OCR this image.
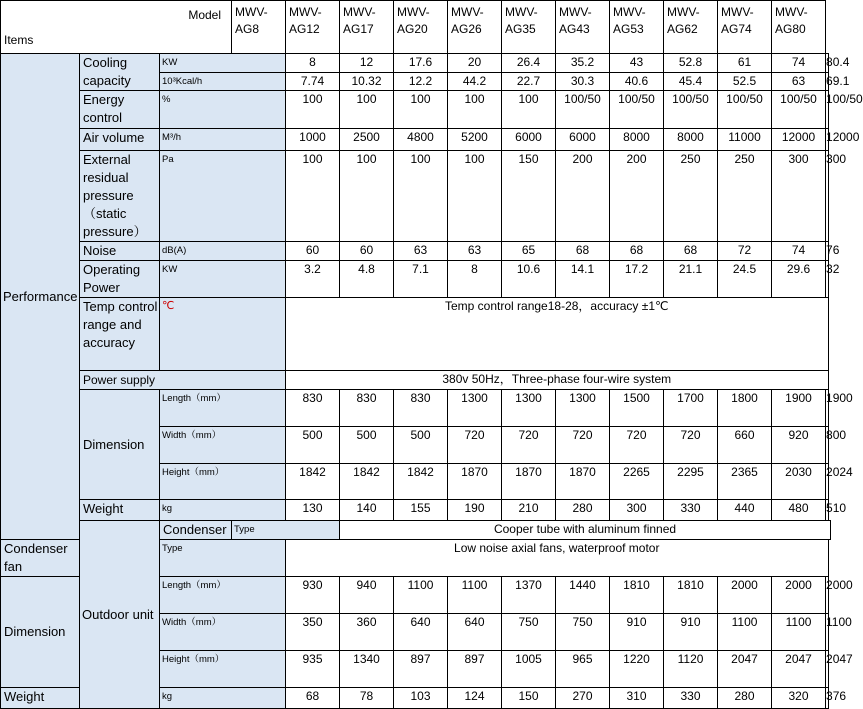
Model
Items			MWV-AG8	MWV-AG12	MWV-AG17	MWV-AG20	MWV-AG26	MWV-AG35	MWV-AG43	MWV-AG53	MWV-AG62	MWV-AG74	MWV-AG80	
Performance	Cooling capacity	KW		8	12	17.6	20	26.4	35.2	43	52.8	61	74	80.4
		10³Kcal/h		7.74	10.32	12.2	44.2	22.7	30.3	40.6	45.4	52.5	63	69.1
	Energy control	%		100	100	100	100	100	100/50	100/50	100/50	100/50	100/50	100/50
	Air volume	M³/h		1000	2500	4800	5200	6000	6000	8000	8000	11000	12000	12000
	External residual pressure（static pressure）	Pa		100	100	100	100	150	200	200	250	250	300	300
	Noise	dB(A)		60	60	63	63	65	68	68	68	72	74	76
	Operating Power	KW		3.2	4.8	7.1	8	10.6	14.1	17.2	21.1	24.5	29.6	32
	Temp control range and accuracy	℃		Temp control range18-28，accuracy ±1℃										
	Power supply			380v 50Hz，Three-phase four-wire system										
	Dimension	Length（mm）		830	830	830	1300	1300	1300	1500	1700	1800	1900	1900
		Width（mm）		500	500	500	720	720	720	720	720	660	920	800
		Height（mm）		1842	1842	1842	1870	1870	1870	2265	2295	2365	2030	2024
	Weight	kg		130	140	155	190	210	280	300	330	440	480	510
	Outdoor unit	Condenser	Type		Cooper tube with aluminum finned									
Condenser fan		Type		Low noise axial fans, waterproof motor										
Dimension		Length（mm）		930	940	1100	1100	1370	1440	1810	1810	2000	2000	2000
		Width（mm）		350	360	640	640	750	750	910	910	1100	1100	1100
		Height（mm）		935	1340	897	897	1005	965	1220	1120	2047	2047	2047
Weight		kg		68	78	103	124	150	270	310	330	280	320	376
